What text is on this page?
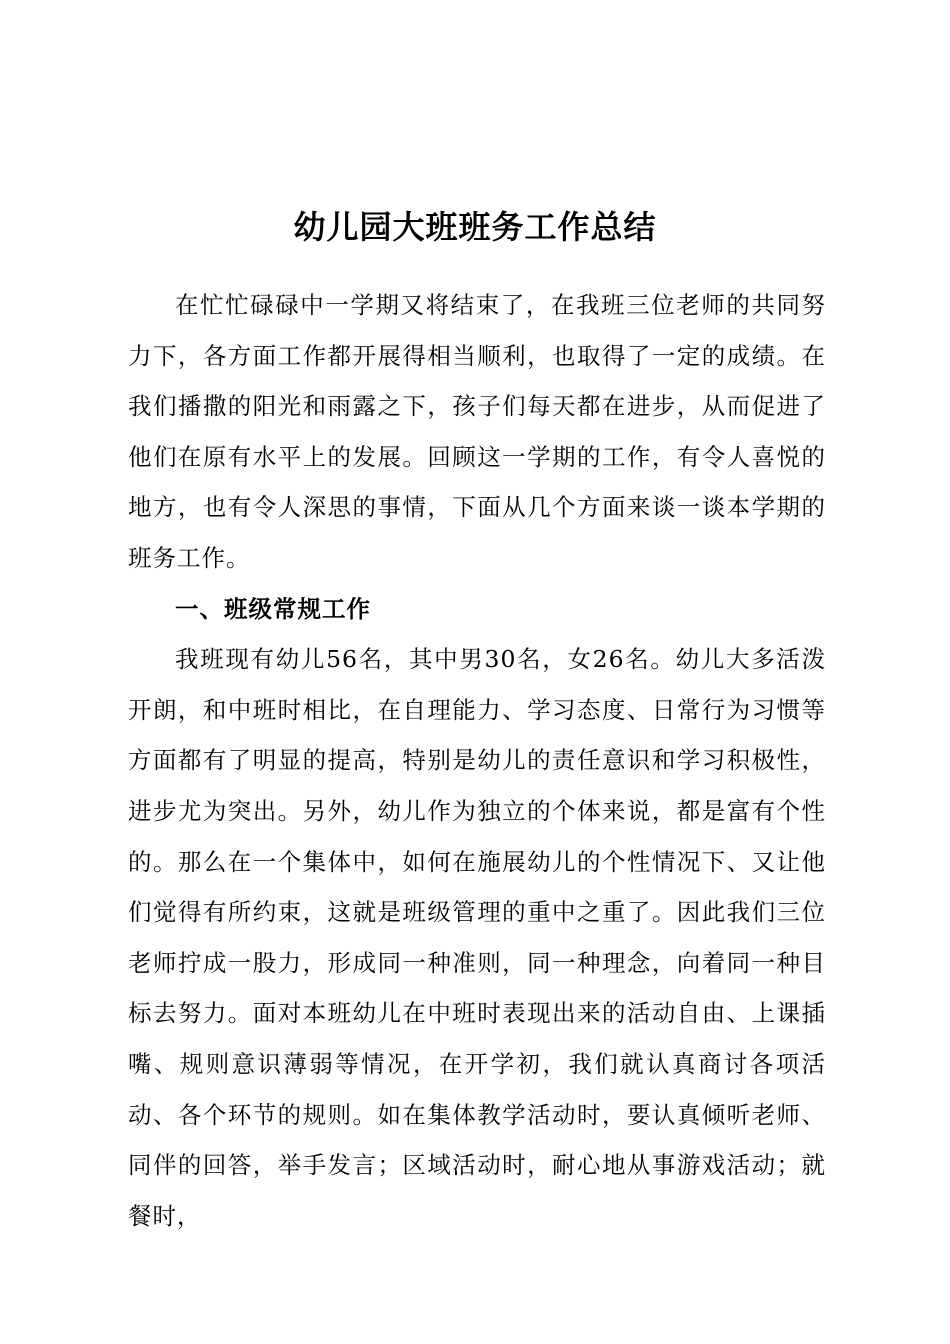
幼儿园大班班务工作总结

在忙忙碌碌中一学期又将结束了，在我班三位老师的共同努力下，各方面工作都开展得相当顺利，也取得了一定的成绩。在我们播撒的阳光和雨露之下，孩子们每天都在进步，从而促进了他们在原有水平上的发展。回顾这一学期的工作，有令人喜悦的地方，也有令人深思的事情，下面从几个方面来谈一谈本学期的班务工作。

一、班级常规工作

我班现有幼儿56名，其中男30名，女26名。幼儿大多活泼开朗，和中班时相比，在自理能力、学习态度、日常行为习惯等方面都有了明显的提高，特别是幼儿的责任意识和学习积极性，进步尤为突出。另外，幼儿作为独立的个体来说，都是富有个性的。那么在一个集体中，如何在施展幼儿的个性情况下、又让他们觉得有所约束，这就是班级管理的重中之重了。因此我们三位老师拧成一股力，形成同一种准则，同一种理念，向着同一种目标去努力。面对本班幼儿在中班时表现出来的活动自由、上课插嘴、规则意识薄弱等情况，在开学初，我们就认真商讨各项活动、各个环节的规则。如在集体教学活动时，要认真倾听老师、同伴的回答，举手发言；区域活动时，耐心地从事游戏活动；就餐时，
